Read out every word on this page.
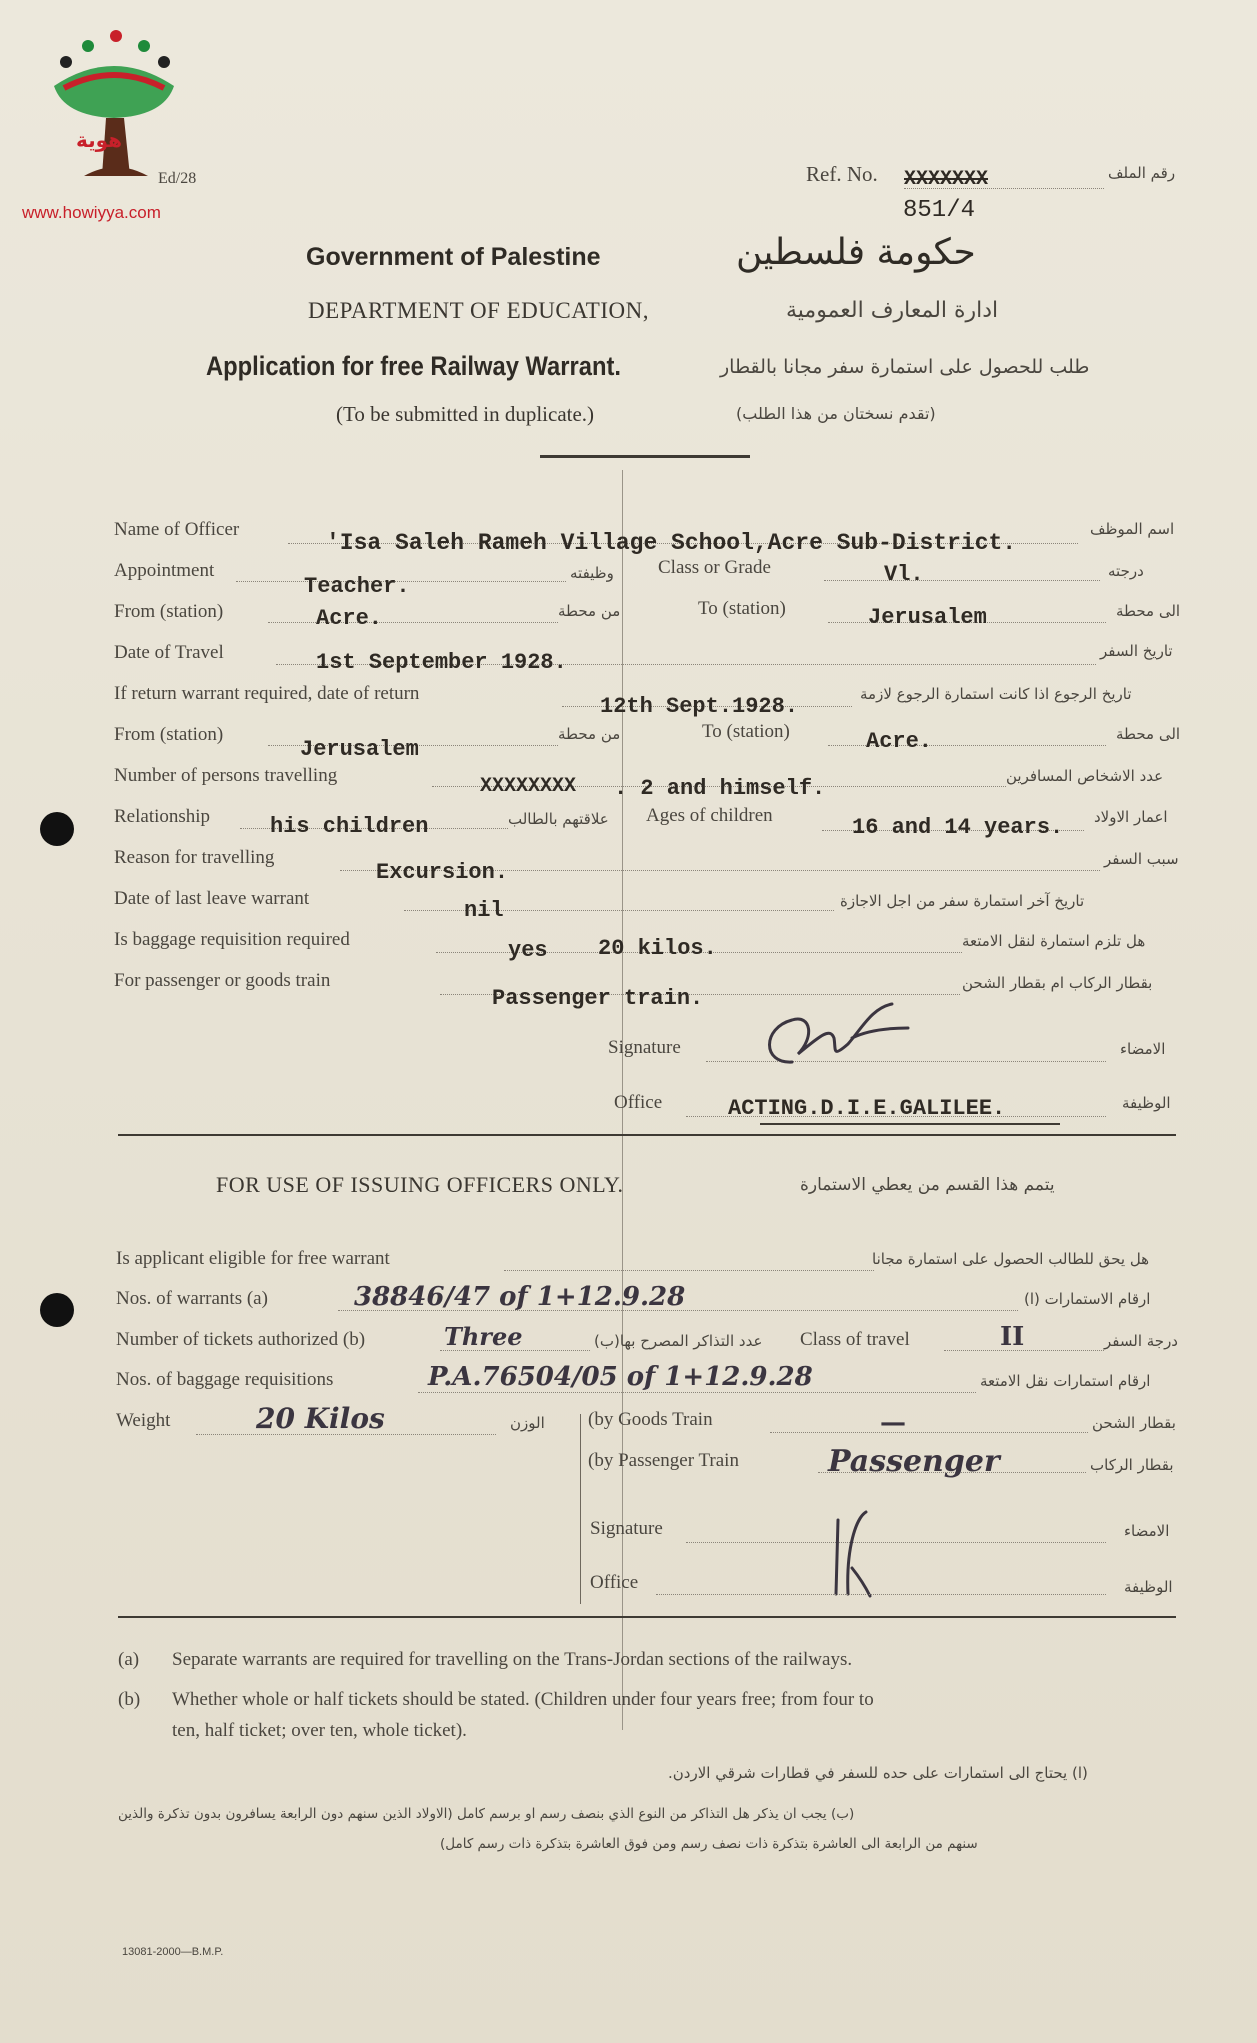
هوية
www.howiyya.com
Ed/28	Ref. No. XXXXXXX	رقم الملف
851/4
Government of Palestine	حكومة فلسطين
DEPARTMENT OF EDUCATION,	ادارة المعارف العمومية
Application for free Railway Warrant.	طلب للحصول على استمارة سفر مجانا بالقطار
(To be submitted in duplicate.)	(تقدم نسختان من هذا الطلب)
Name of Officer
'Isa Saleh Rameh Village School,Acre Sub-District.
اسم الموظف
Appointment
Teacher.
وظيفته Class or Grade	Vl.	درجته
From (station)	Acre.	من محطة	To (station)	Jerusalem	الى محطة
Date of Travel	1st September 1928.	تاريخ السفر
If return warrant required, date of return
12th Sept.1928.	تاريخ الرجوع اذا كانت استمارة الرجوع لازمة
From (station)
Jerusalem
من محطة	To (station)	Acre.	الى محطة
Number of persons travelling	XXXXXXXX . 2 and himself.	عدد الاشخاص المسافرين
Relationship	his children	علاقتهم بالطالب Ages of children	16 and 14 years. اعمار الاولاد
Reason for travelling
Excursion.
سبب السفر
Date of last leave warrant	nil	تاريخ آخر استمارة سفر من اجل الاجازة
Is baggage requisition required	yes 20 kilos.	هل تلزم استمارة لنقل الامتعة
For passenger or goods train
Passenger train.
بقطار الركاب ام بقطار الشحن
Signature	الامضاء
Office	ACTING.D.I.E.GALILEE.	الوظيفة
FOR USE OF ISSUING OFFICERS ONLY.	يتمم هذا القسم من يعطي الاستمارة
Is applicant eligible for free warrant	هل يحق للطالب الحصول على استمارة مجانا
Nos. of warrants (a)	38846/47 of 1+12.9.28	ارقام الاستمارات (ا)
Number of tickets authorized (b)	Three	عدد التذاكر المصرح بها(ب) Class of travel	II	درجة السفر
Nos. of baggage requisitions	P.A.76504/05 of 1+12.9.28	ارقام استمارات نقل الامتعة
Weight	20 Kilos	الوزن (by Goods Train	—	بقطار الشحن
(by Passenger Train	Passenger	بقطار الركاب
Signature	الامضاء
Office	الوظيفة
(a) Separate warrants are required for travelling on the Trans-Jordan sections of the railways.
(b) Whether whole or half tickets should be stated. (Children under four years free; from four to
ten, half ticket; over ten, whole ticket).
(ا) يحتاج الى استمارات على حده للسفر في قطارات شرقي الاردن.
(ب) يجب ان يذكر هل التذاكر من النوع الذي بنصف رسم او برسم كامل (الاولاد الذين سنهم دون الرابعة يسافرون بدون تذكرة والذين
سنهم من الرابعة الى العاشرة بتذكرة ذات نصف رسم ومن فوق العاشرة بتذكرة ذات رسم كامل)
13081-2000—B.M.P.
